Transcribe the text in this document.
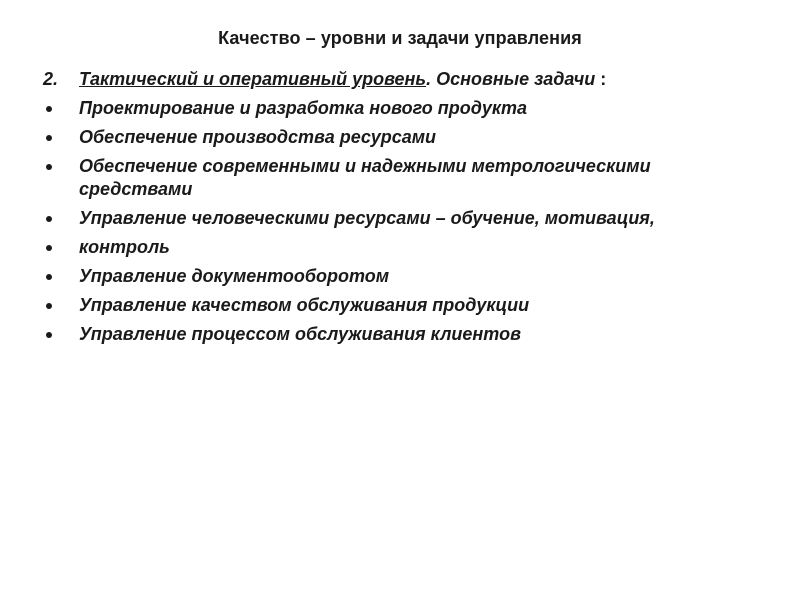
Качество – уровни и задачи управления
2.	Тактический и оперативный уровень. Основные задачи :
Проектирование и разработка нового продукта
Обеспечение производства ресурсами
Обеспечение современными и надежными метрологическими средствами
Управление человеческими ресурсами – обучение, мотивация,
контроль
Управление документооборотом
Управление качеством обслуживания продукции
Управление процессом обслуживания клиентов
